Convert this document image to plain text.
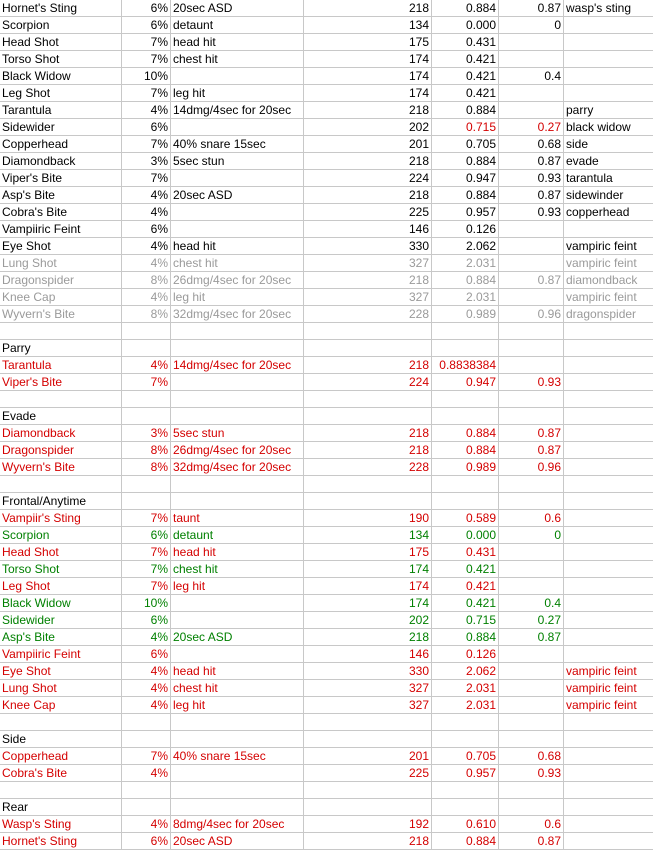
Hornet's Sting	6% 20sec ASD	218	0.884	0.87 wasp's sting
Scorpion	6% detaunt	134	0.000	0
Head Shot	7% head hit	175	0.431
Torso Shot	7% chest hit	174	0.421
Black Widow	10%	174	0.421	0.4
Leg Shot	7% leg hit	174	0.421
Tarantula	4% 14dmg/4sec for 20sec	218	0.884	parry
Sidewider	6%	202	0.715	0.27 black widow
Copperhead	7% 40% snare 15sec	201	0.705	0.68 side
Diamondback	3% 5sec stun	218	0.884	0.87 evade
Viper's Bite	7%	224	0.947	0.93 tarantula
Asp's Bite	4% 20sec ASD	218	0.884	0.87 sidewinder
Cobra's Bite	4%	225	0.957	0.93 copperhead
Vampiiric Feint	6%	146	0.126
Eye Shot	4% head hit	330	2.062	vampiric feint
Lung Shot	4% chest hit	327	2.031	vampiric feint
Dragonspider	8% 26dmg/4sec for 20sec	218	0.884	0.87 diamondback
Knee Cap	4% leg hit	327	2.031	vampiric feint
Wyvern's Bite	8% 32dmg/4sec for 20sec	228	0.989	0.96 dragonspider
Parry
Tarantula	4% 14dmg/4sec for 20sec	218 0.8838384
Viper's Bite	7%	224	0.947	0.93
Evade
Diamondback	3% 5sec stun	218	0.884	0.87
Dragonspider	8% 26dmg/4sec for 20sec	218	0.884	0.87
Wyvern's Bite	8% 32dmg/4sec for 20sec	228	0.989	0.96
Frontal/Anytime
Vampiir's Sting	7% taunt	190	0.589	0.6
Scorpion	6% detaunt	134	0.000	0
Head Shot	7% head hit	175	0.431
Torso Shot	7% chest hit	174	0.421
Leg Shot	7% leg hit	174	0.421
Black Widow	10%	174	0.421	0.4
Sidewider	6%	202	0.715	0.27
Asp's Bite	4% 20sec ASD	218	0.884	0.87
Vampiiric Feint	6%	146	0.126
Eye Shot	4% head hit	330	2.062	vampiric feint
Lung Shot	4% chest hit	327	2.031	vampiric feint
Knee Cap	4% leg hit	327	2.031	vampiric feint
Side
Copperhead	7% 40% snare 15sec	201	0.705	0.68
Cobra's Bite	4%	225	0.957	0.93
Rear
Wasp's Sting	4% 8dmg/4sec for 20sec	192	0.610	0.6
Hornet's Sting	6% 20sec ASD	218	0.884	0.87
